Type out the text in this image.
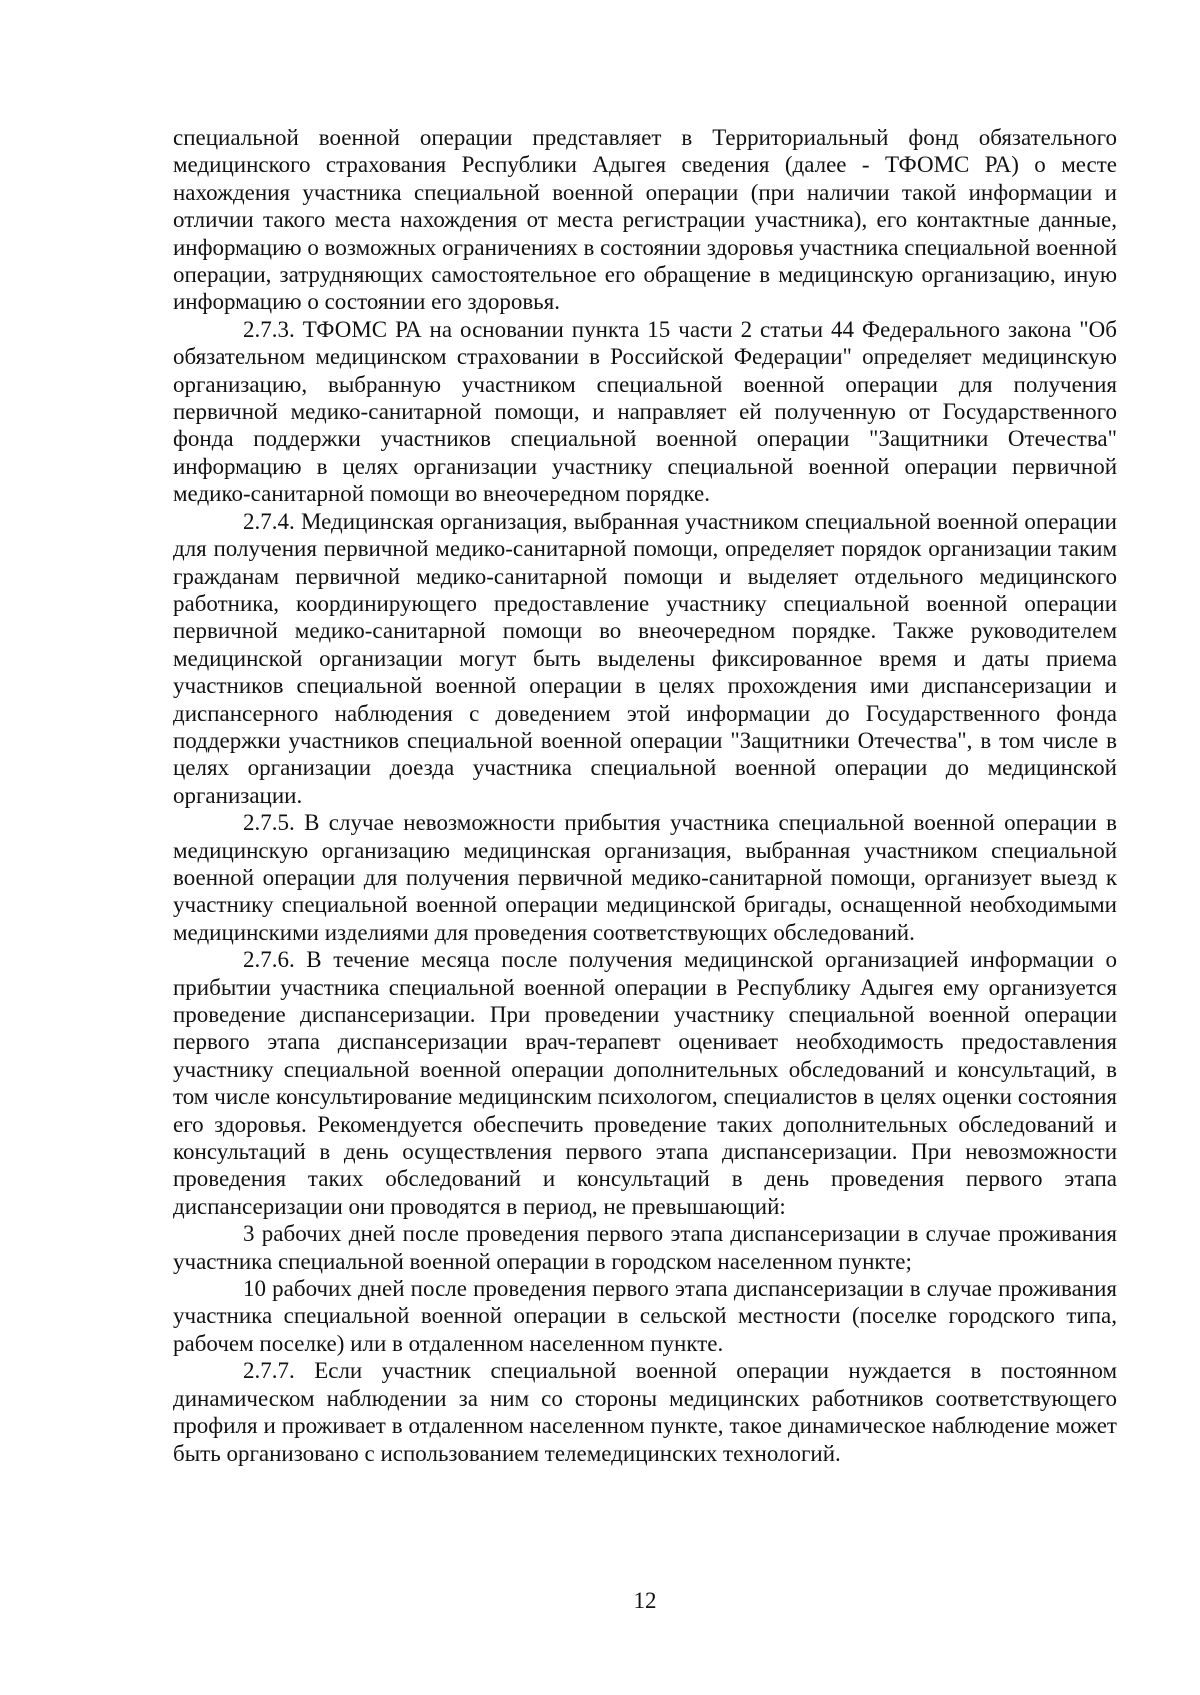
специальной военной операции представляет в Территориальный фонд обязательного медицинского страхования Республики Адыгея сведения (далее - ТФОМС РА) о месте нахождения участника специальной военной операции (при наличии такой информации и отличии такого места нахождения от места регистрации участника), его контактные данные, информацию о возможных ограничениях в состоянии здоровья участника специальной военной операции, затрудняющих самостоятельное его обращение в медицинскую организацию, иную информацию о состоянии его здоровья.

2.7.3. ТФОМС РА на основании пункта 15 части 2 статьи 44 Федерального закона "Об обязательном медицинском страховании в Российской Федерации" определяет медицинскую организацию, выбранную участником специальной военной операции для получения первичной медико-санитарной помощи, и направляет ей полученную от Государственного фонда поддержки участников специальной военной операции "Защитники Отечества" информацию в целях организации участнику специальной военной операции первичной медико-санитарной помощи во внеочередном порядке.

2.7.4. Медицинская организация, выбранная участником специальной военной операции для получения первичной медико-санитарной помощи, определяет порядок организации таким гражданам первичной медико-санитарной помощи и выделяет отдельного медицинского работника, координирующего предоставление участнику специальной военной операции первичной медико-санитарной помощи во внеочередном порядке. Также руководителем медицинской организации могут быть выделены фиксированное время и даты приема участников специальной военной операции в целях прохождения ими диспансеризации и диспансерного наблюдения с доведением этой информации до Государственного фонда поддержки участников специальной военной операции "Защитники Отечества", в том числе в целях организации доезда участника специальной военной операции до медицинской организации.

2.7.5. В случае невозможности прибытия участника специальной военной операции в медицинскую организацию медицинская организация, выбранная участником специальной военной операции для получения первичной медико-санитарной помощи, организует выезд к участнику специальной военной операции медицинской бригады, оснащенной необходимыми медицинскими изделиями для проведения соответствующих обследований.

2.7.6. В течение месяца после получения медицинской организацией информации о прибытии участника специальной военной операции в Республику Адыгея ему организуется проведение диспансеризации. При проведении участнику специальной военной операции первого этапа диспансеризации врач-терапевт оценивает необходимость предоставления участнику специальной военной операции дополнительных обследований и консультаций, в том числе консультирование медицинским психологом, специалистов в целях оценки состояния его здоровья. Рекомендуется обеспечить проведение таких дополнительных обследований и консультаций в день осуществления первого этапа диспансеризации. При невозможности проведения таких обследований и консультаций в день проведения первого этапа диспансеризации они проводятся в период, не превышающий:

3 рабочих дней после проведения первого этапа диспансеризации в случае проживания участника специальной военной операции в городском населенном пункте;

10 рабочих дней после проведения первого этапа диспансеризации в случае проживания участника специальной военной операции в сельской местности (поселке городского типа, рабочем поселке) или в отдаленном населенном пункте.

2.7.7. Если участник специальной военной операции нуждается в постоянном динамическом наблюдении за ним со стороны медицинских работников соответствующего профиля и проживает в отдаленном населенном пункте, такое динамическое наблюдение может быть организовано с использованием телемедицинских технологий.

12
